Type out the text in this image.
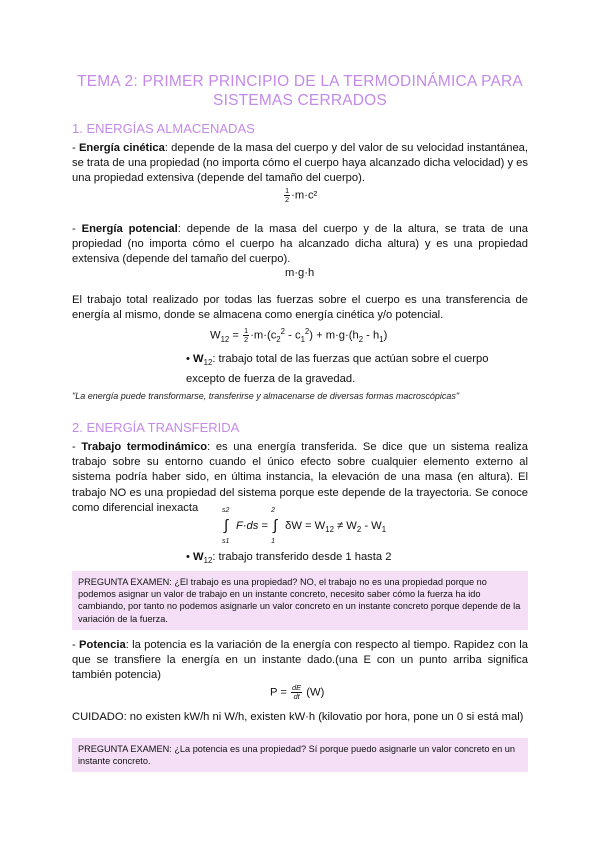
TEMA 2: PRIMER PRINCIPIO DE LA TERMODINÁMICA PARA
SISTEMAS CERRADOS
1. ENERGÍAS ALMACENADAS
- Energía cinética: depende de la masa del cuerpo y del valor de su velocidad instantánea, se trata de una propiedad (no importa cómo el cuerpo haya alcanzado dicha velocidad) y es una propiedad extensiva (depende del tamaño del cuerpo).
$\frac{1}{2} \cdot m\cdot c^2$
- Energía potencial: depende de la masa del cuerpo y de la altura, se trata de una propiedad (no importa cómo el cuerpo ha alcanzado dicha altura) y es una propiedad extensiva (depende del tamaño del cuerpo).
m·g·h
El trabajo total realizado por todas las fuerzas sobre el cuerpo es una transferencia de energía al mismo, donde se almacena como energía cinética y/o potencial.
$W_{12} = \frac{1}{2} \cdot m\cdot(c_2^2 - c_1^2) + m\cdot g\cdot(h_2 - h_1)$
• $W_{12}$: trabajo total de las fuerzas que actúan sobre el cuerpo excepto de fuerza de la gravedad.
"La energía puede transformarse, transferirse y almacenarse de diversas formas macroscópicas"
2. ENERGÍA TRANSFERIDA
- Trabajo termodinámico: es una energía transferida. Se dice que un sistema realiza trabajo sobre su entorno cuando el único efecto sobre cualquier elemento externo al sistema podría haber sido, en última instancia, la elevación de una masa (en altura). El trabajo NO es una propiedad del sistema porque este depende de la trayectoria. Se conoce como diferencial inexacta	s2
∫
s1
F·ds =
2
∫
1
$\delta W = W_{12} \ne W_2 - W_1$
• $W_{12}$: trabajo transferido desde 1 hasta 2
PREGUNTA EXAMEN: ¿El trabajo es una propiedad? NO, el trabajo no es una propiedad porque no podemos asignar un valor de trabajo en un instante concreto, necesito saber cómo la fuerza ha ido cambiando, por tanto no podemos asignarle un valor concreto en un instante concreto porque depende de la variación de la fuerza.
- Potencia: la potencia es la variación de la energía con respecto al tiempo. Rapidez con la que se transfiere la energía en un instante dado.(una E con un punto arriba significa también potencia)
$P = \frac{dE}{dt} (W)$
CUIDADO: no existen kW/h ni W/h, existen kW·h (kilovatio por hora, pone un 0 si está mal)
PREGUNTA EXAMEN: ¿La potencia es una propiedad? Sí porque puedo asignarle un valor concreto en un instante concreto.
